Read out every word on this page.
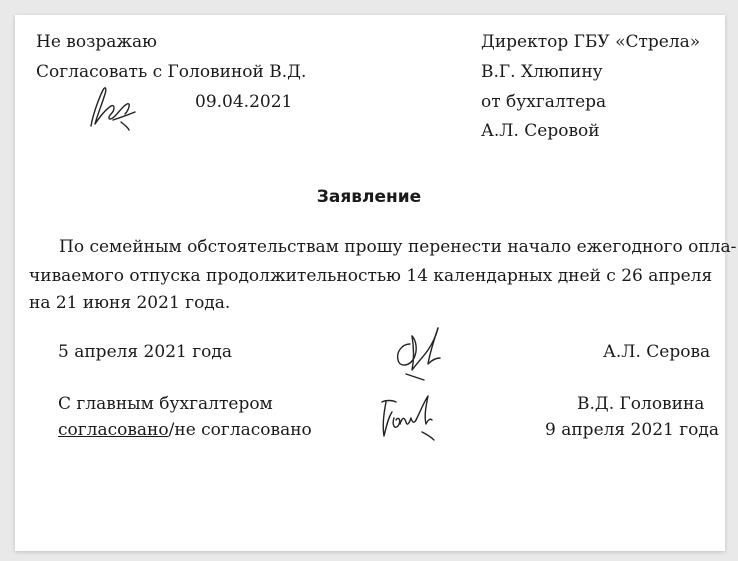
Не возражаю
Согласовать с Головиной В.Д.
09.04.2021
Директор ГБУ «Стрела»
В.Г. Хлюпину
от бухгалтера
А.Л. Серовой
Заявление
По семейным обстоятельствам прошу перенести начало ежегодного опла-
чиваемого отпуска продолжительностью 14 календарных дней с 26 апреля
на 21 июня 2021 года.
5 апреля 2021 года	А.Л. Серова
С главным бухгалтером
согласовано/не согласовано
В.Д. Головина
9 апреля 2021 года
